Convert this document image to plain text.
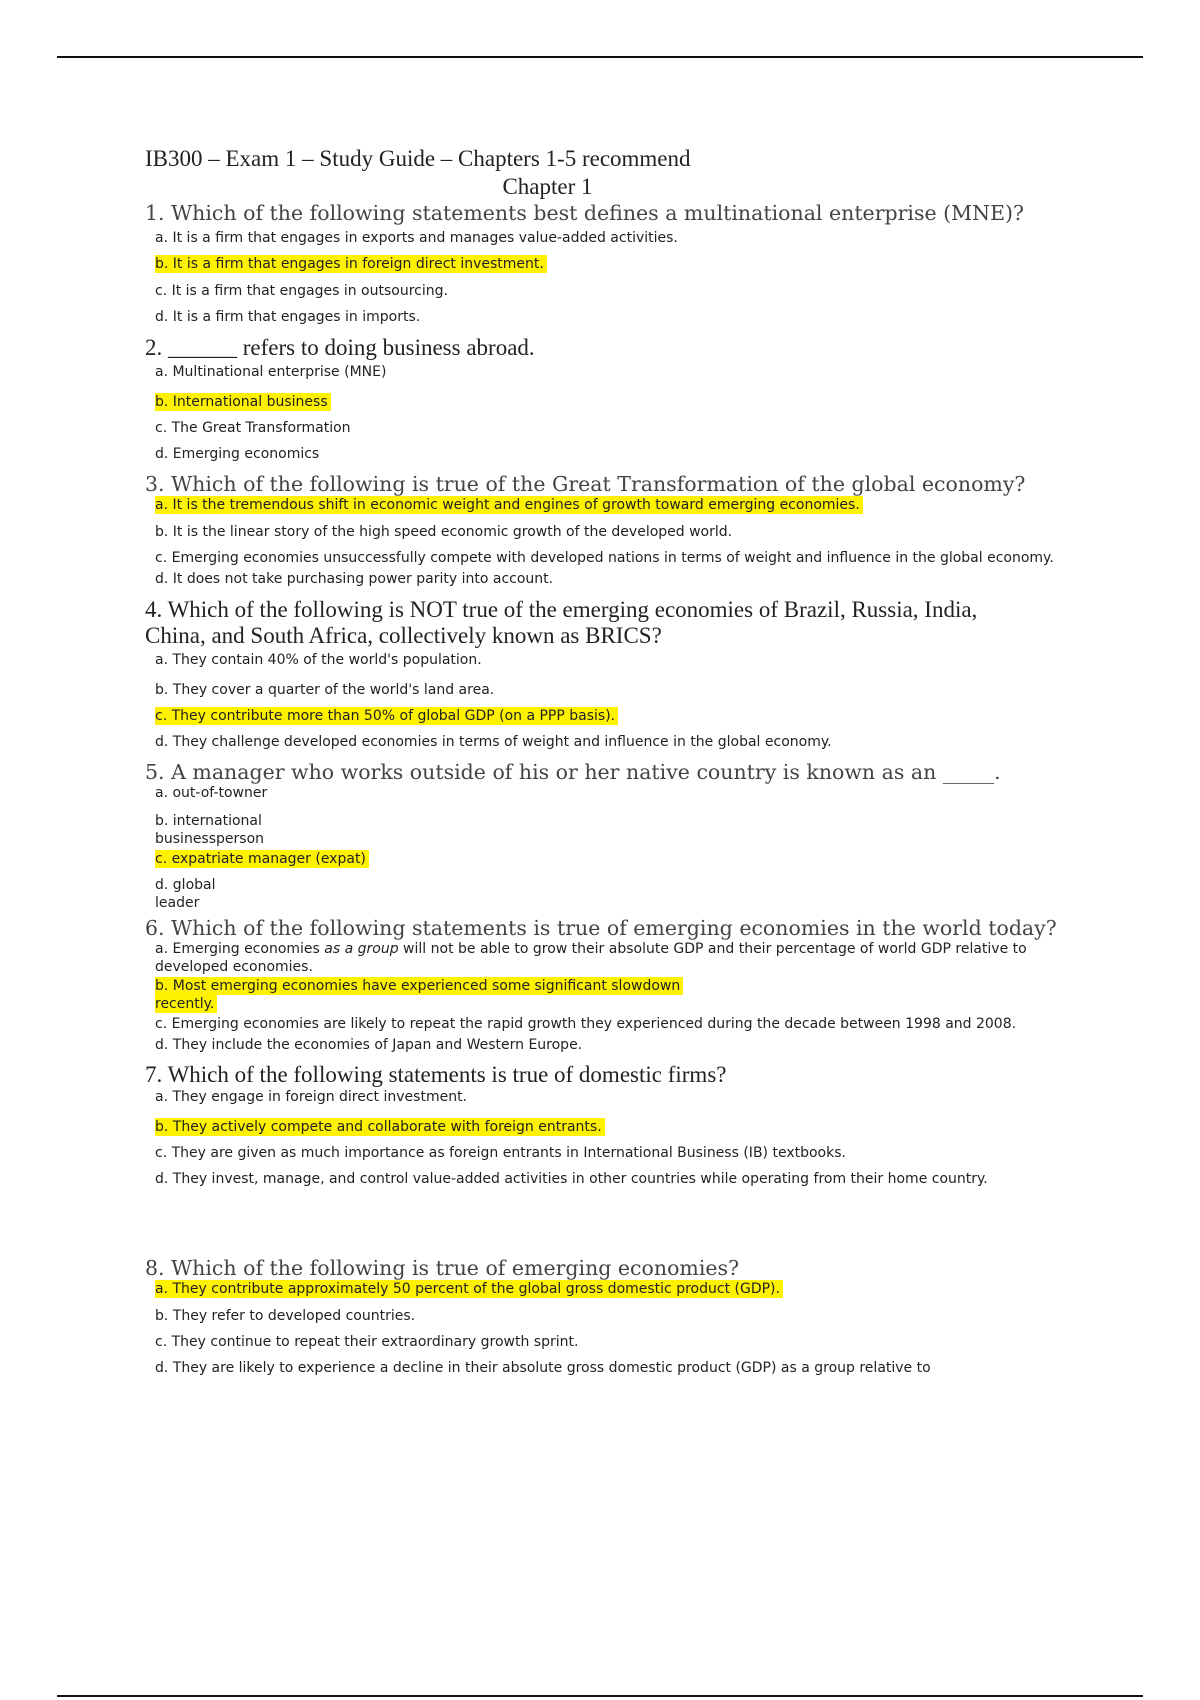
IB300 – Exam 1 – Study Guide – Chapters 1-5 recommend
Chapter 1
1. Which of the following statements best defines a multinational enterprise (MNE)?
a. It is a firm that engages in exports and manages value-added activities.
b. It is a firm that engages in foreign direct investment.
c. It is a firm that engages in outsourcing.
d. It is a firm that engages in imports.
2. ______ refers to doing business abroad.
a. Multinational enterprise (MNE)
b. International business
c. The Great Transformation
d. Emerging economics
3. Which of the following is true of the Great Transformation of the global economy?
a. It is the tremendous shift in economic weight and engines of growth toward emerging economies.
b. It is the linear story of the high speed economic growth of the developed world.
c. Emerging economies unsuccessfully compete with developed nations in terms of weight and influence in the global economy.
d. It does not take purchasing power parity into account.
4. Which of the following is NOT true of the emerging economies of Brazil, Russia, India,
China, and South Africa, collectively known as BRICS?
a. They contain 40% of the world's population.
b. They cover a quarter of the world's land area.
c. They contribute more than 50% of global GDP (on a PPP basis).
d. They challenge developed economies in terms of weight and influence in the global economy.
5. A manager who works outside of his or her native country is known as an _____.
a. out-of-towner
b. international
businessperson
c. expatriate manager (expat)
d. global
leader
6. Which of the following statements is true of emerging economies in the world today?
a. Emerging economies as a group will not be able to grow their absolute GDP and their percentage of world GDP relative to developed economies.
b. Most emerging economies have experienced some significant slowdown
recently.
c. Emerging economies are likely to repeat the rapid growth they experienced during the decade between 1998 and 2008.
d. They include the economies of Japan and Western Europe.
7. Which of the following statements is true of domestic firms?
a. They engage in foreign direct investment.
b. They actively compete and collaborate with foreign entrants.
c. They are given as much importance as foreign entrants in International Business (IB) textbooks.
d. They invest, manage, and control value-added activities in other countries while operating from their home country.
8. Which of the following is true of emerging economies?
a. They contribute approximately 50 percent of the global gross domestic product (GDP).
b. They refer to developed countries.
c. They continue to repeat their extraordinary growth sprint.
d. They are likely to experience a decline in their absolute gross domestic product (GDP) as a group relative to
